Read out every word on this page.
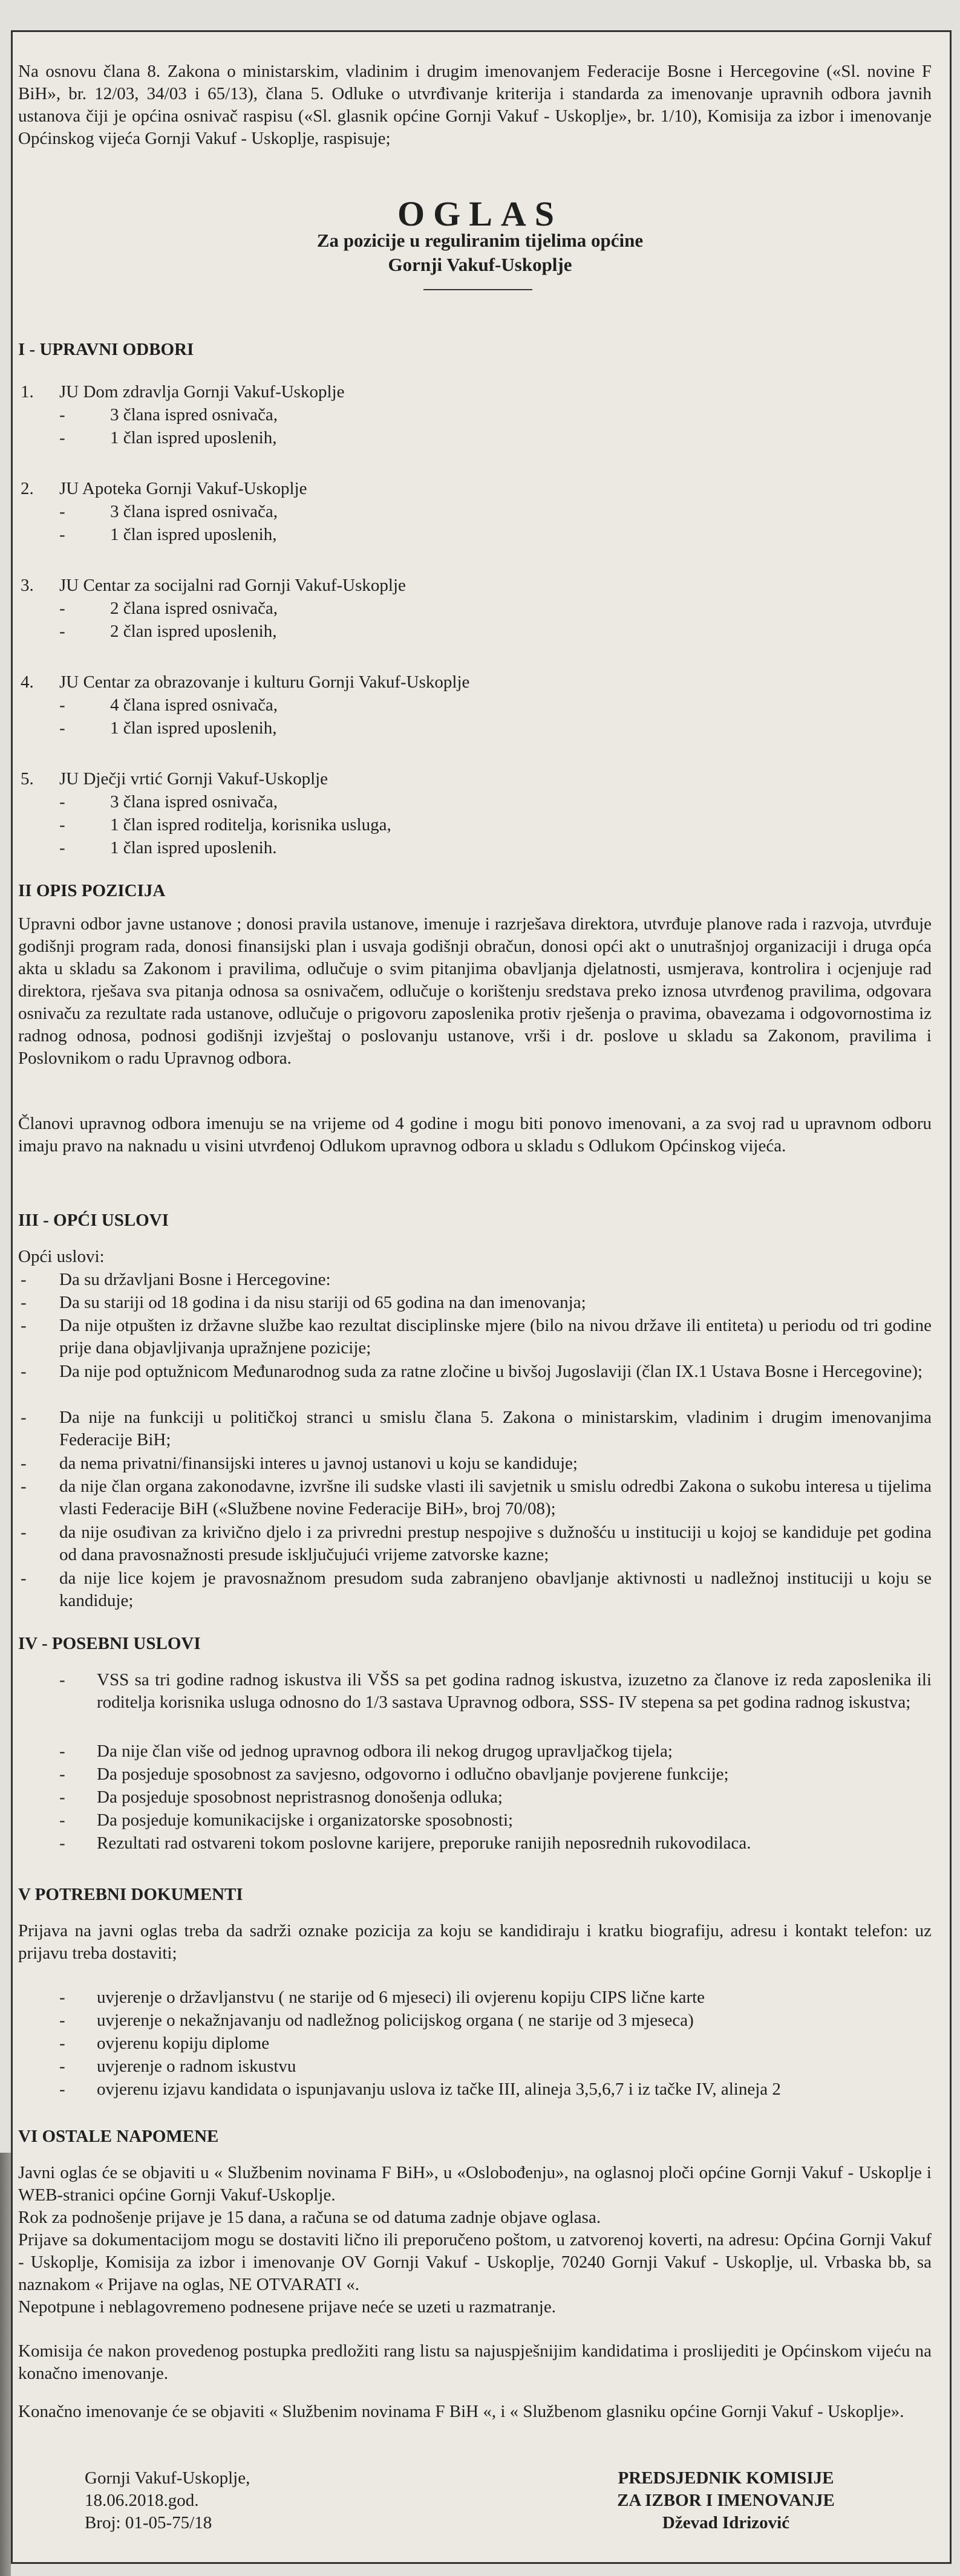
Na osnovu člana 8. Zakona o ministarskim, vladinim i drugim imenovanjem Federacije Bosne i Hercegovine («Sl. novine F BiH», br. 12/03, 34/03 i 65/13), člana 5. Odluke o utvrđivanje kriterija i standarda za imenovanje upravnih odbora javnih ustanova čiji je općina osnivač raspisu («Sl. glasnik općine Gornji Vakuf - Uskoplje», br. 1/10), Komisija za izbor i imenovanje Općinskog vijeća Gornji Vakuf - Uskoplje, raspisuje;
OGLAS
Za pozicije u reguliranim tijelima općine
Gornji Vakuf-Uskoplje
I - UPRAVNI ODBORI
1. JU Dom zdravlja Gornji Vakuf-Uskoplje
-	3 člana ispred osnivača,
-	1 član ispred uposlenih,
2. JU Apoteka Gornji Vakuf-Uskoplje
-	3 člana ispred osnivača,
-	1 član ispred uposlenih,
3. JU Centar za socijalni rad Gornji Vakuf-Uskoplje
-	2 člana ispred osnivača,
-	2 član ispred uposlenih,
4. JU Centar za obrazovanje i kulturu Gornji Vakuf-Uskoplje
-	4 člana ispred osnivača,
-	1 član ispred uposlenih,
5. JU Dječji vrtić Gornji Vakuf-Uskoplje
-	3 člana ispred osnivača,
-	1 član ispred roditelja, korisnika usluga,
-	1 član ispred uposlenih.
II OPIS POZICIJA
Upravni odbor javne ustanove ; donosi pravila ustanove, imenuje i razrješava direktora, utvrđuje planove rada i razvoja, utvrđuje godišnji program rada, donosi finansijski plan i usvaja godišnji obračun, donosi opći akt o unutrašnjoj organizaciji i druga opća akta u skladu sa Zakonom i pravilima, odlučuje o svim pitanjima obavljanja djelatnosti, usmjerava, kontrolira i ocjenjuje rad direktora, rješava sva pitanja odnosa sa osnivačem, odlučuje o korištenju sredstava preko iznosa utvrđenog pravilima, odgovara osnivaču za rezultate rada ustanove, odlučuje o prigovoru zaposlenika protiv rješenja o pravima, obavezama i odgovornostima iz radnog odnosa, podnosi godišnji izvještaj o poslovanju ustanove, vrši i dr. poslove u skladu sa Zakonom, pravilima i Poslovnikom o radu Upravnog odbora.
Članovi upravnog odbora imenuju se na vrijeme od 4 godine i mogu biti ponovo imenovani, a za svoj rad u upravnom odboru imaju pravo na naknadu u visini utvrđenoj Odlukom upravnog odbora u skladu s Odlukom Općinskog vijeća.
III - OPĆI USLOVI
Opći uslovi:
- Da su državljani Bosne i Hercegovine:
- Da su stariji od 18 godina i da nisu stariji od 65 godina na dan imenovanja;
- Da nije otpušten iz državne službe kao rezultat disciplinske mjere (bilo na nivou države ili entiteta) u periodu od tri godine prije dana objavljivanja upražnjene pozicije;
- Da nije pod optužnicom Međunarodnog suda za ratne zločine u bivšoj Jugoslaviji (član IX.1 Ustava Bosne i Hercegovine);
- Da nije na funkciji u političkoj stranci u smislu člana 5. Zakona o ministarskim, vladinim i drugim imenovanjima Federacije BiH;
- da nema privatni/finansijski interes u javnoj ustanovi u koju se kandiduje;
- da nije član organa zakonodavne, izvršne ili sudske vlasti ili savjetnik u smislu odredbi Zakona o sukobu interesa u tijelima vlasti Federacije BiH («Službene novine Federacije BiH», broj 70/08);
- da nije osuđivan za krivično djelo i za privredni prestup nespojive s dužnošću u instituciji u kojoj se kandiduje pet godina od dana pravosnažnosti presude isključujući vrijeme zatvorske kazne;
- da nije lice kojem je pravosnažnom presudom suda zabranjeno obavljanje aktivnosti u nadležnoj instituciji u koju se kandiduje;
IV - POSEBNI USLOVI
- VSS sa tri godine radnog iskustva ili VŠS sa pet godina radnog iskustva, izuzetno za članove iz reda zaposlenika ili roditelja korisnika usluga odnosno do 1/3 sastava Upravnog odbora, SSS- IV stepena sa pet godina radnog iskustva;
- Da nije član više od jednog upravnog odbora ili nekog drugog upravljačkog tijela;
- Da posjeduje sposobnost za savjesno, odgovorno i odlučno obavljanje povjerene funkcije;
- Da posjeduje sposobnost nepristrasnog donošenja odluka;
- Da posjeduje komunikacijske i organizatorske sposobnosti;
- Rezultati rad ostvareni tokom poslovne karijere, preporuke ranijih neposrednih rukovodilaca.
V POTREBNI DOKUMENTI
Prijava na javni oglas treba da sadrži oznake pozicija za koju se kandidiraju i kratku biografiju, adresu i kontakt telefon: uz prijavu treba dostaviti;
- uvjerenje o državljanstvu ( ne starije od 6 mjeseci) ili ovjerenu kopiju CIPS lične karte
- uvjerenje o nekažnjavanju od nadležnog policijskog organa ( ne starije od 3 mjeseca)
- ovjerenu kopiju diplome
- uvjerenje o radnom iskustvu
- ovjerenu izjavu kandidata o ispunjavanju uslova iz tačke III, alineja 3,5,6,7 i iz tačke IV, alineja 2
VI OSTALE NAPOMENE
Javni oglas će se objaviti u « Službenim novinama F BiH», u «Oslobođenju», na oglasnoj ploči općine Gornji Vakuf - Uskoplje i WEB-stranici općine Gornji Vakuf-Uskoplje.
Rok za podnošenje prijave je 15 dana, a računa se od datuma zadnje objave oglasa.
Prijave sa dokumentacijom mogu se dostaviti lično ili preporučeno poštom, u zatvorenoj koverti, na adresu: Općina Gornji Vakuf - Uskoplje, Komisija za izbor i imenovanje OV Gornji Vakuf - Uskoplje, 70240 Gornji Vakuf - Uskoplje, ul. Vrbaska bb, sa naznakom « Prijave na oglas, NE OTVARATI «.
Nepotpune i neblagovremeno podnesene prijave neće se uzeti u razmatranje.
Komisija će nakon provedenog postupka predložiti rang listu sa najuspješnijim kandidatima i proslijediti je Općinskom vijeću na konačno imenovanje.
Konačno imenovanje će se objaviti « Službenim novinama F BiH «, i « Službenom glasniku općine Gornji Vakuf - Uskoplje».
Gornji Vakuf-Uskoplje,
18.06.2018.god.
Broj: 01-05-75/18
PREDSJEDNIK KOMISIJE
ZA IZBOR I IMENOVANJE
Dževad Idrizović
